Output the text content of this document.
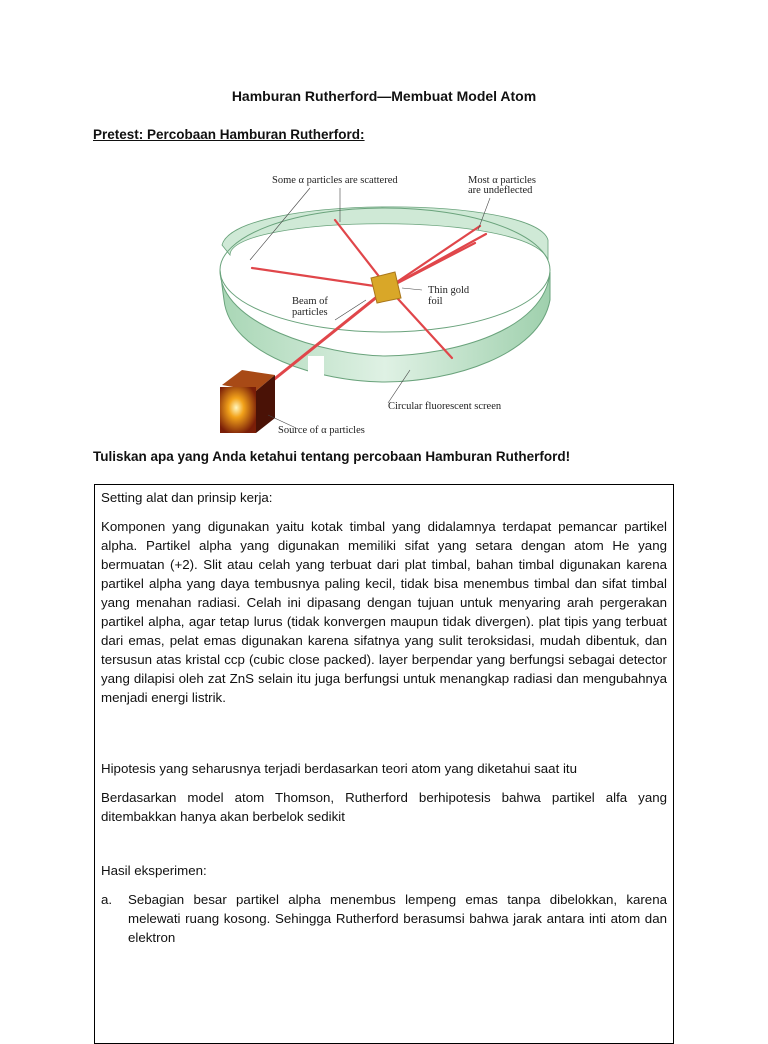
Hamburan Rutherford—Membuat Model Atom
Pretest: Percobaan Hamburan Rutherford:
Some α particles are scattered	Most α particles
are undeflected
Thin gold
foil
Beam of
particles
Circular fluorescent screen
Source of α particles
Tuliskan apa yang Anda ketahui tentang percobaan Hamburan Rutherford!

Setting alat dan prinsip kerja:

Komponen yang digunakan yaitu kotak timbal yang didalamnya terdapat pemancar partikel alpha. Partikel alpha yang digunakan memiliki sifat yang setara dengan atom He yang bermuatan (+2). Slit atau celah yang terbuat dari plat timbal, bahan timbal digunakan karena partikel alpha yang daya tembusnya paling kecil, tidak bisa menembus timbal dan sifat timbal yang menahan radiasi. Celah ini dipasang dengan tujuan untuk menyaring arah pergerakan partikel alpha, agar tetap lurus (tidak konvergen maupun tidak divergen). plat tipis yang terbuat dari emas, pelat emas digunakan karena sifatnya yang sulit teroksidasi, mudah dibentuk, dan tersusun atas kristal ccp (cubic close packed). layer berpendar yang berfungsi sebagai detector yang dilapisi oleh zat ZnS selain itu juga berfungsi untuk menangkap radiasi dan mengubahnya menjadi energi listrik.

Hipotesis yang seharusnya terjadi berdasarkan teori atom yang diketahui saat itu

Berdasarkan model atom Thomson, Rutherford berhipotesis bahwa partikel alfa yang ditembakkan hanya akan berbelok sedikit

Hasil eksperimen:

a.	Sebagian besar partikel alpha menembus lempeng emas tanpa dibelokkan, karena melewati ruang kosong. Sehingga Rutherford berasumsi bahwa jarak antara inti atom dan elektron
